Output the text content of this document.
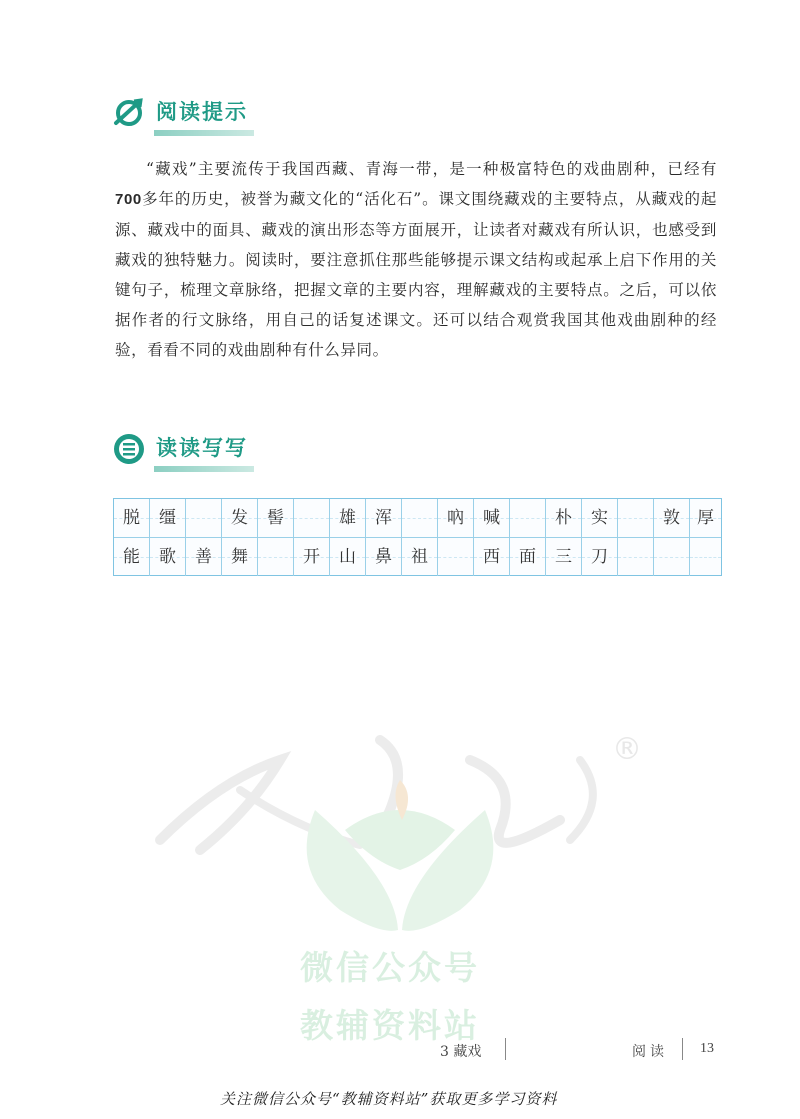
阅读提示

“藏戏”主要流传于我国西藏、青海一带，是一种极富特色的戏曲剧种，已经有700多年的历史，被誉为藏文化的“活化石”。课文围绕藏戏的主要特点，从藏戏的起源、藏戏中的面具、藏戏的演出形态等方面展开，让读者对藏戏有所认识，也感受到藏戏的独特魅力。阅读时，要注意抓住那些能够提示课文结构或起承上启下作用的关键句子，梳理文章脉络，把握文章的主要内容，理解藏戏的主要特点。之后，可以依据作者的行文脉络，用自己的话复述课文。还可以结合观赏我国其他戏曲剧种的经验，看看不同的戏曲剧种有什么异同。

读读写写
脱	缰	发	髻	雄	浑	吶	喊	朴	实	敦	厚
能	歌	善	舞	开	山	鼻	祖	西	面	三	刀
®
微信公众号
教辅资料站
3 藏戏	阅读 13
关注微信公众号“教辅资料站”获取更多学习资料
